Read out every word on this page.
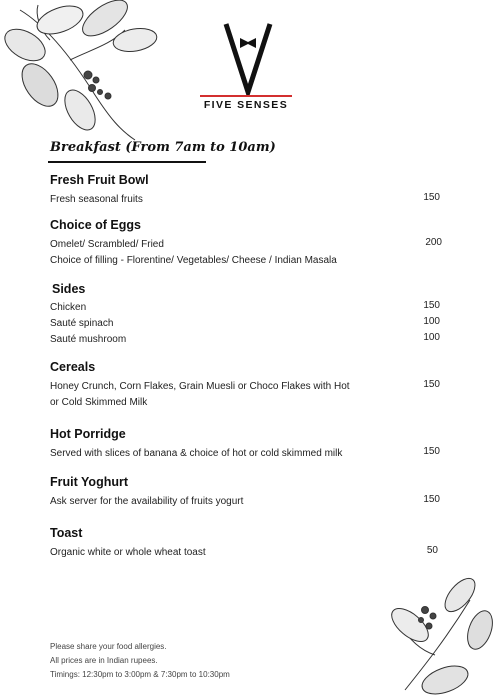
FIVE SENSES
Breakfast (From 7am to 10am)
Fresh Fruit Bowl
Fresh seasonal fruits	150
Choice of Eggs
Omelet/ Scrambled/ Fried	200
Choice of filling - Florentine/ Vegetables/ Cheese / Indian Masala
Sides
Chicken	150
Sauté spinach	100
Sauté mushroom	100
Cereals
Honey Crunch, Corn Flakes, Grain Muesli or Choco Flakes with Hot	150
or Cold Skimmed Milk
Hot Porridge
Served with slices of banana & choice of hot or cold skimmed milk	150
Fruit Yoghurt
Ask server for the availability of fruits yogurt	150
Toast
Organic white or whole wheat toast	50
Please share your food allergies.
All prices are in Indian rupees.
Timings: 12:30pm to 3:00pm & 7:30pm to 10:30pm
